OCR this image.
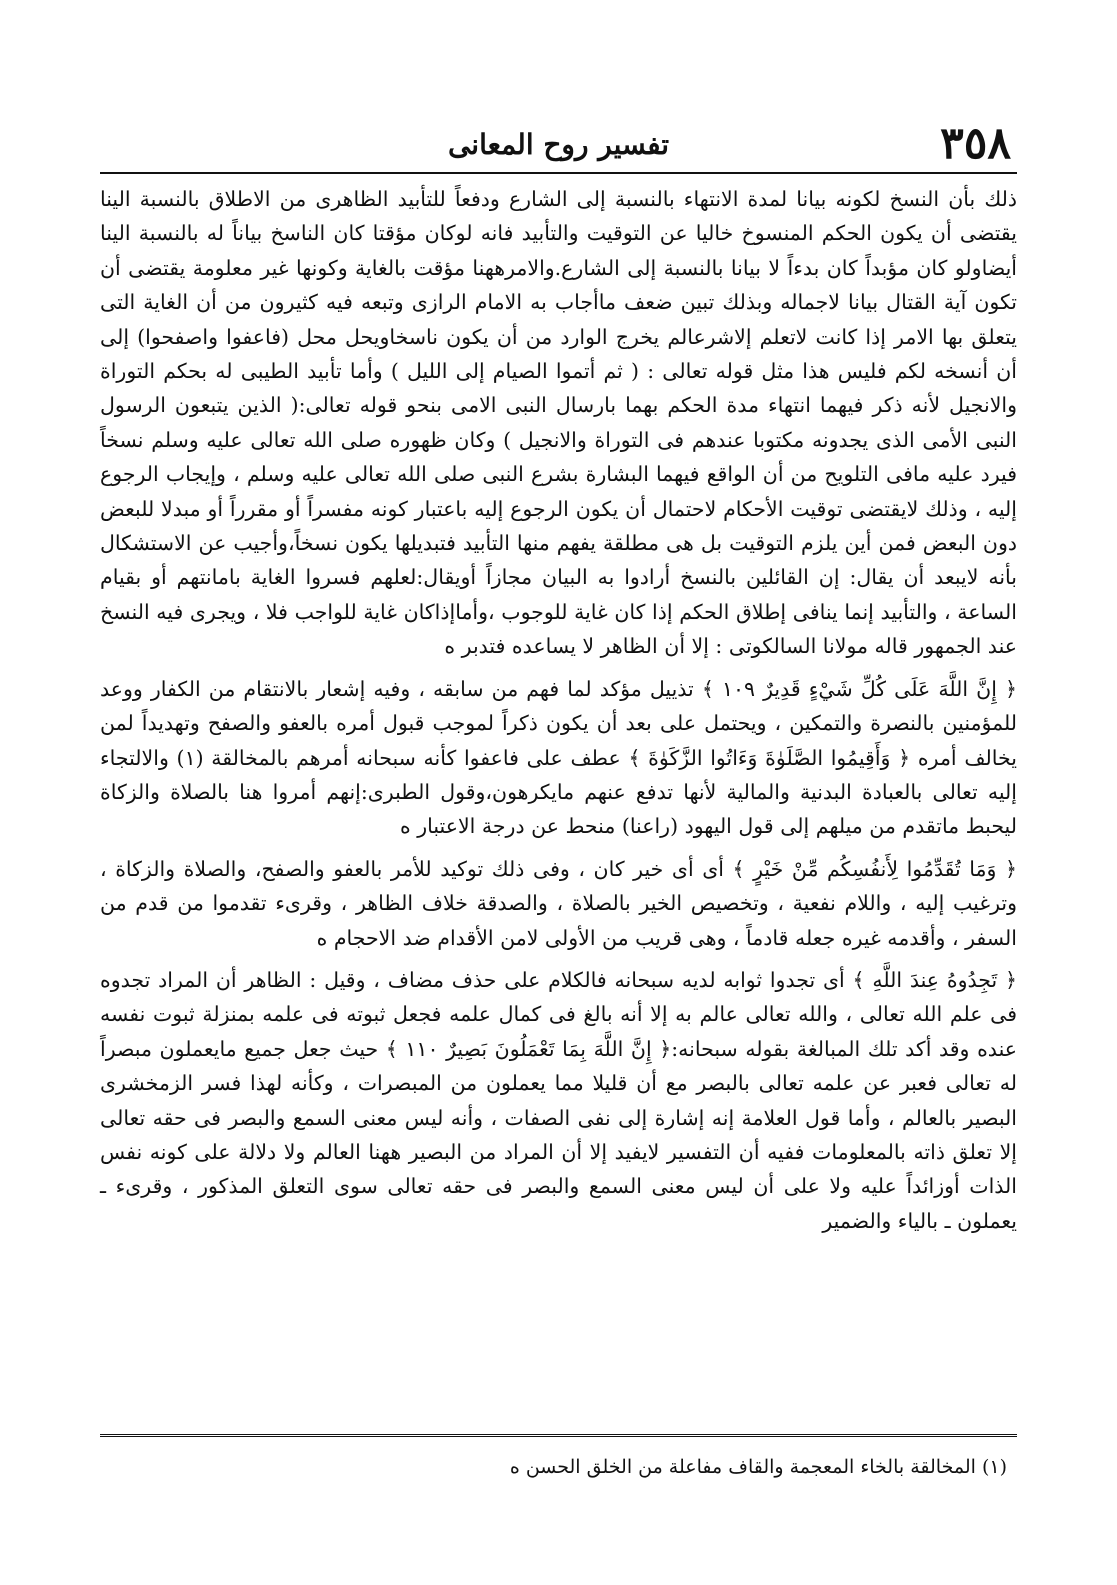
٣٥٨
تفسير روح المعانى

ذلك بأن النسخ لكونه بيانا لمدة الانتهاء بالنسبة إلى الشارع ودفعاً للتأبيد الظاهرى من الاطلاق بالنسبة الينا يقتضى أن يكون الحكم المنسوخ خاليا عن التوقيت والتأبيد فانه لوكان مؤقتا كان الناسخ بياناً له بالنسبة الينا أيضاولو كان مؤبداً كان بدءاً لا بيانا بالنسبة إلى الشارع.والامرههنا مؤقت بالغاية وكونها غير معلومة يقتضى أن تكون آية القتال بيانا لاجماله وبذلك تبين ضعف ماأجاب به الامام الرازى وتبعه فيه كثيرون من أن الغاية التى يتعلق بها الامر إذا كانت لاتعلم إلاشرعالم يخرج الوارد من أن يكون ناسخاويحل محل (فاعفوا واصفحوا) إلى أن أنسخه لكم فليس هذا مثل قوله تعالى : ( ثم أتموا الصيام إلى الليل ) وأما تأبيد الطيبى له بحكم التوراة والانجيل لأنه ذكر فيهما انتهاء مدة الحكم بهما بارسال النبى الامى بنحو قوله تعالى:( الذين يتبعون الرسول النبى الأمى الذى يجدونه مكتوبا عندهم فى التوراة والانجيل ) وكان ظهوره صلى الله تعالى عليه وسلم نسخاً فيرد عليه مافى التلويح من أن الواقع فيهما البشارة بشرع النبى صلى الله تعالى عليه وسلم ، وإيجاب الرجوع إليه ، وذلك لايقتضى توقيت الأحكام لاحتمال أن يكون الرجوع إليه باعتبار كونه مفسراً أو مقرراً أو مبدلا للبعض دون البعض فمن أين يلزم التوقيت بل هى مطلقة يفهم منها التأبيد فتبديلها يكون نسخاً،وأجيب عن الاستشكال بأنه لايبعد أن يقال: إن القائلين بالنسخ أرادوا به البيان مجازاً أويقال:لعلهم فسروا الغاية بامانتهم أو بقيام الساعة ، والتأبيد إنما ينافى إطلاق الحكم إذا كان غاية للوجوب ،وأماإذاكان غاية للواجب فلا ، ويجرى فيه النسخ عند الجمهور قاله مولانا السالكوتى : إلا أن الظاهر لا يساعده فتدبر ه

﴿ إِنَّ اللَّهَ عَلَى كُلِّ شَيْءٍ قَدِيرٌ ١٠٩ ﴾ تذييل مؤكد لما فهم من سابقه ، وفيه إشعار بالانتقام من الكفار ووعد للمؤمنين بالنصرة والتمكين ، ويحتمل على بعد أن يكون ذكراً لموجب قبول أمره بالعفو والصفح وتهديداً لمن يخالف أمره ﴿ وَأَقِيمُوا الصَّلَوٰةَ وَءَاتُوا الزَّكَوٰةَ ﴾ عطف على فاعفوا كأنه سبحانه أمرهم بالمخالقة (١) والالتجاء إليه تعالى بالعبادة البدنية والمالية لأنها تدفع عنهم مايكرهون،وقول الطبرى:إنهم أمروا هنا بالصلاة والزكاة ليحبط ماتقدم من ميلهم إلى قول اليهود (راعنا) منحط عن درجة الاعتبار ه

﴿ وَمَا تُقَدِّمُوا لِأَنفُسِكُم مِّنْ خَيْرٍ ﴾ أى أى خير كان ، وفى ذلك توكيد للأمر بالعفو والصفح، والصلاة والزكاة ، وترغيب إليه ، واللام نفعية ، وتخصيص الخير بالصلاة ، والصدقة خلاف الظاهر ، وقرىء تقدموا من قدم من السفر ، وأقدمه غيره جعله قادماً ، وهى قريب من الأولى لامن الأقدام ضد الاحجام ه

﴿ تَجِدُوهُ عِندَ اللَّهِ ﴾ أى تجدوا ثوابه لديه سبحانه فالكلام على حذف مضاف ، وقيل : الظاهر أن المراد تجدوه فى علم الله تعالى ، والله تعالى عالم به إلا أنه بالغ فى كمال علمه فجعل ثبوته فى علمه بمنزلة ثبوت نفسه عنده وقد أكد تلك المبالغة بقوله سبحانه:﴿ إِنَّ اللَّهَ بِمَا تَعْمَلُونَ بَصِيرٌ ١١٠ ﴾ حيث جعل جميع مايعملون مبصراً له تعالى فعبر عن علمه تعالى بالبصر مع أن قليلا مما يعملون من المبصرات ، وكأنه لهذا فسر الزمخشرى البصير بالعالم ، وأما قول العلامة إنه إشارة إلى نفى الصفات ، وأنه ليس معنى السمع والبصر فى حقه تعالى إلا تعلق ذاته بالمعلومات ففيه أن التفسير لايفيد إلا أن المراد من البصير ههنا العالم ولا دلالة على كونه نفس الذات أوزائداً عليه ولا على أن ليس معنى السمع والبصر فى حقه تعالى سوى التعلق المذكور ، وقرىء ـ يعملون ـ بالياء والضمير

(١) المخالقة بالخاء المعجمة والقاف مفاعلة من الخلق الحسن ه
